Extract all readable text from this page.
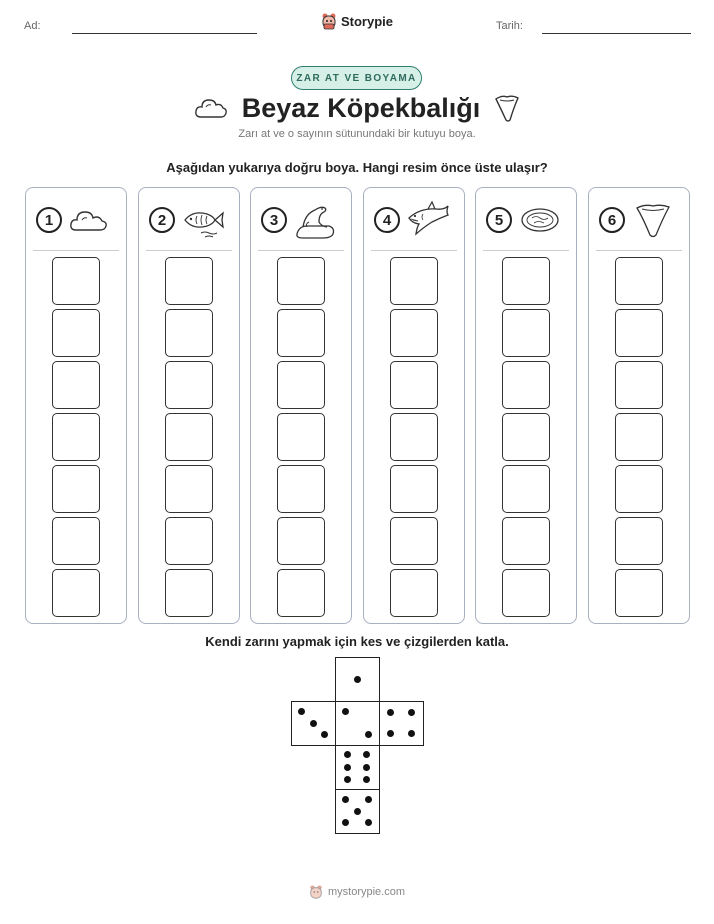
Ad:	Tarih:
Storypie
ZAR AT VE BOYAMA
Beyaz Köpekbalığı
Zarı at ve o sayının sütunundaki bir kutuyu boya.
Aşağıdan yukarıya doğru boya. Hangi resim önce üste ulaşır?
1	2	3	4	5	6
Kendi zarını yapmak için kes ve çizgilerden katla.
mystorypie.com
